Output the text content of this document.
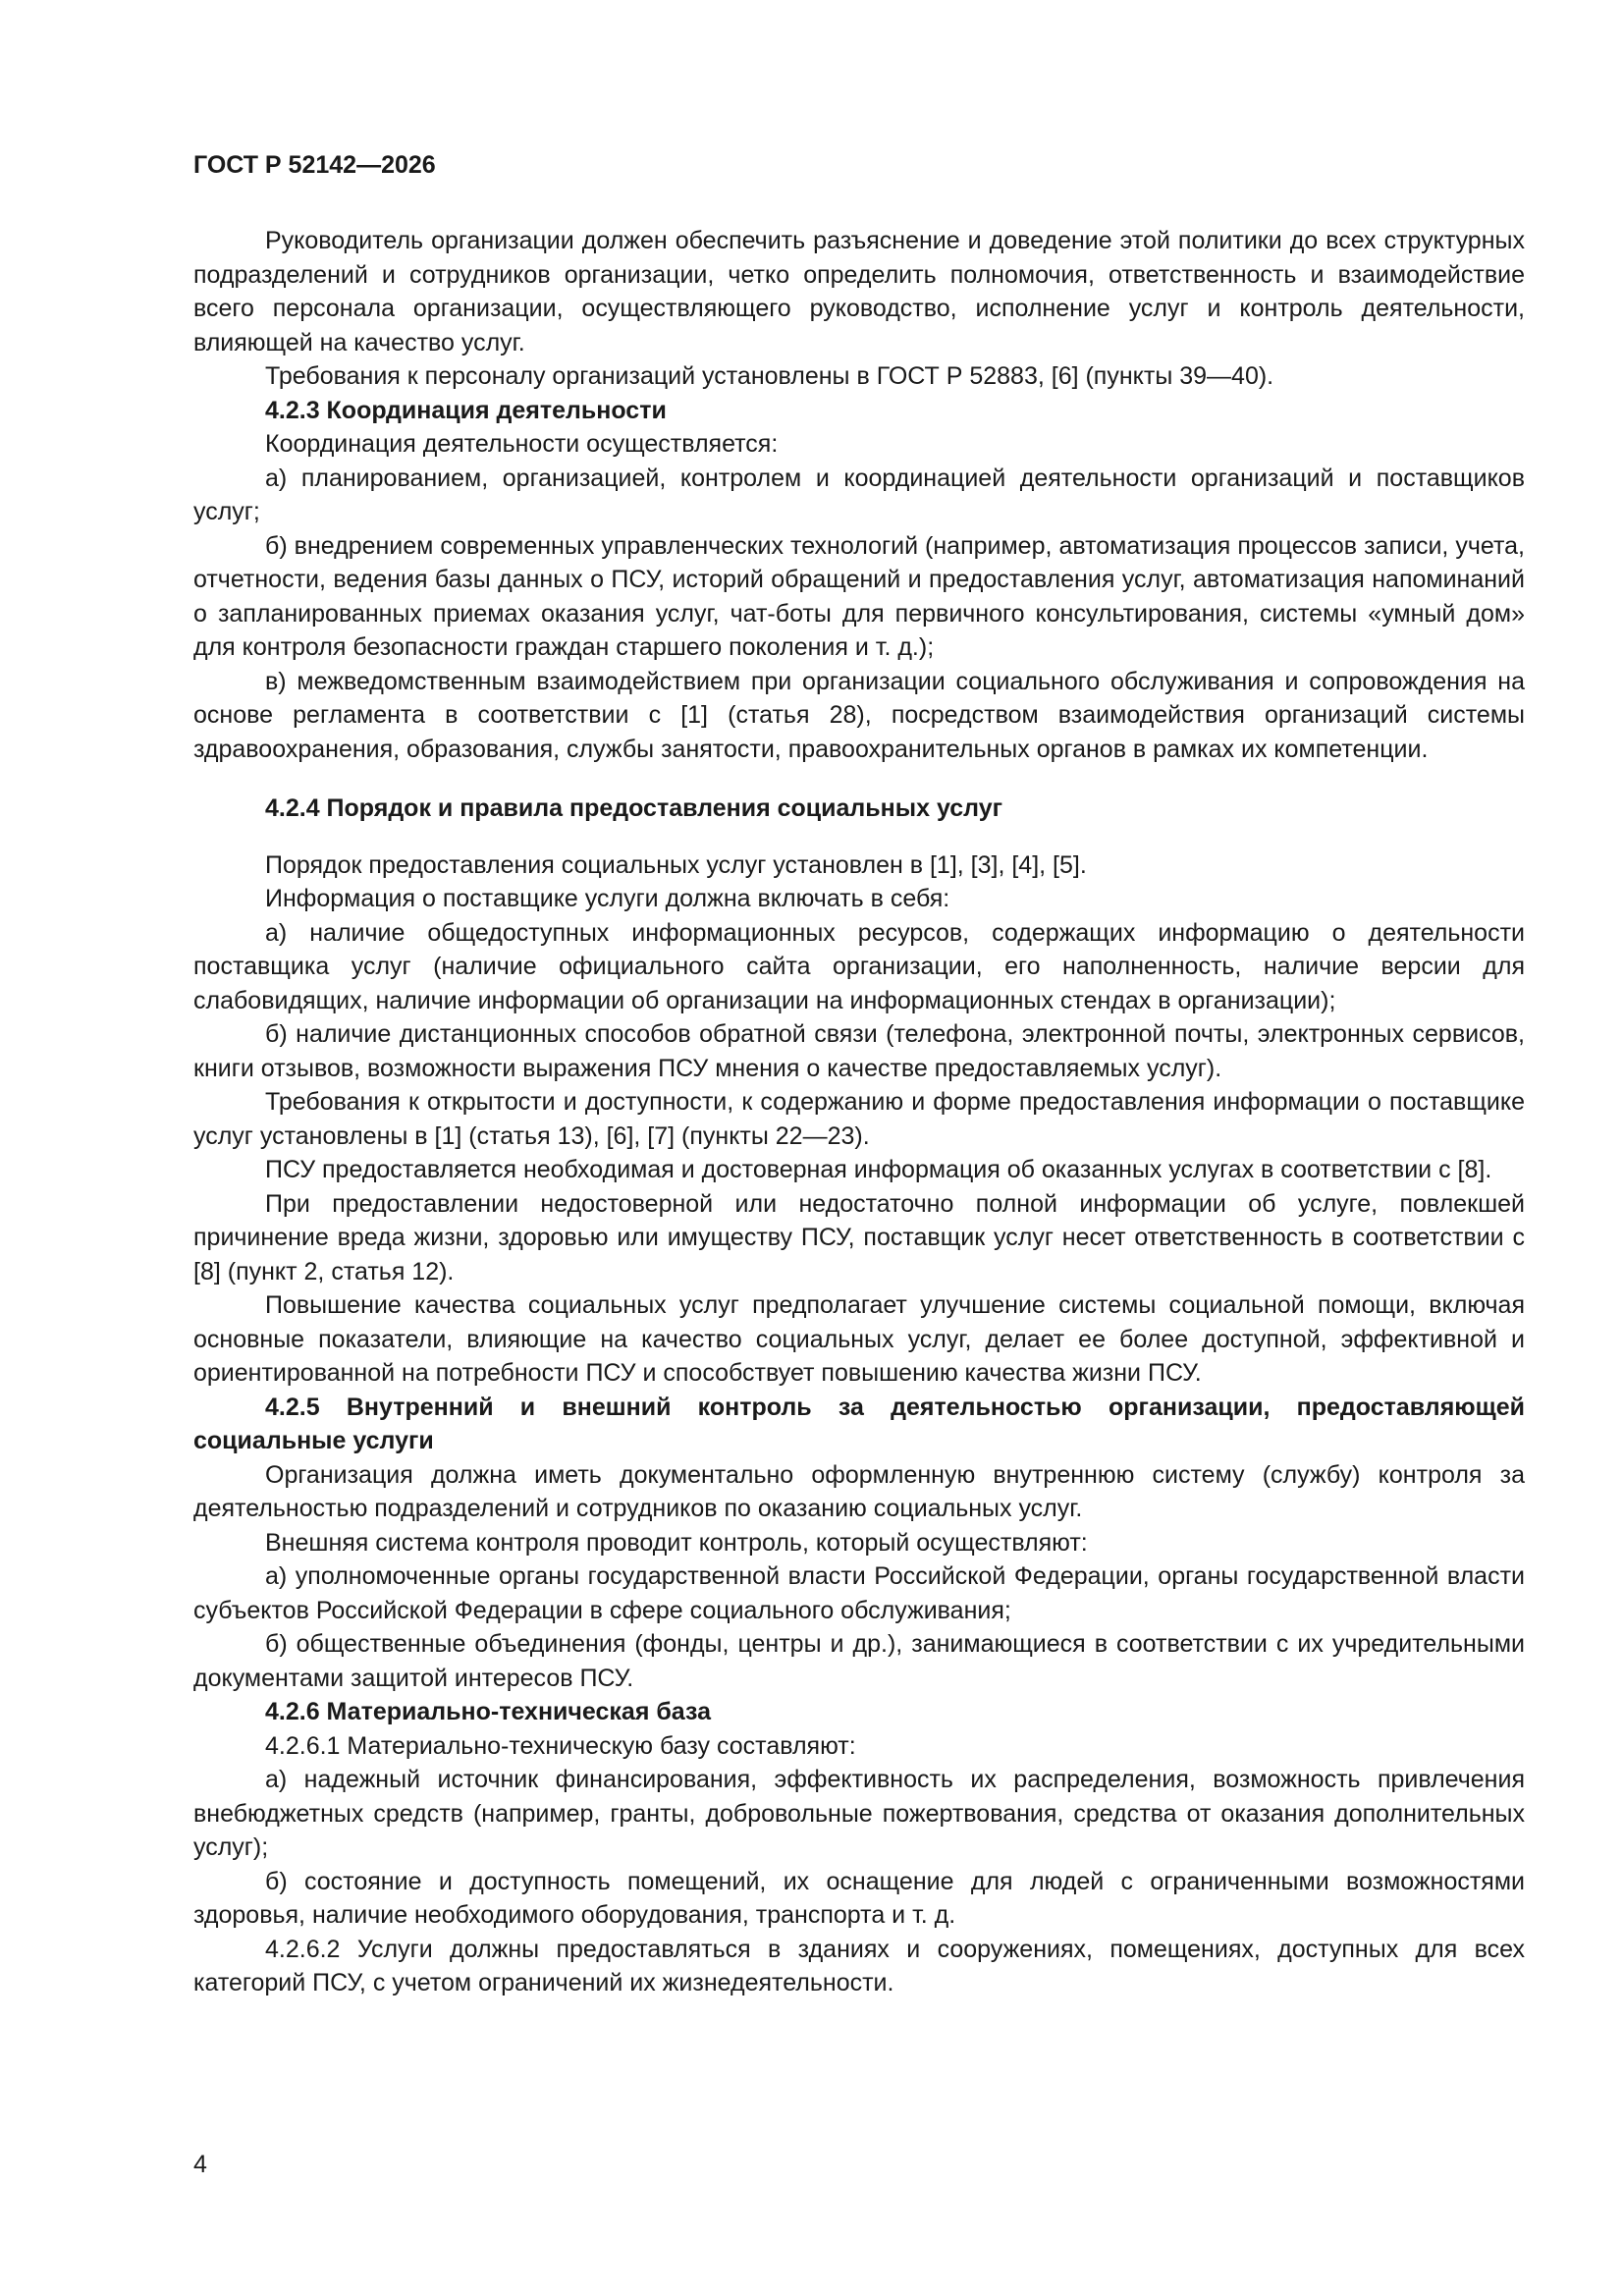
ГОСТ Р 52142—2026

Руководитель организации должен обеспечить разъяснение и доведение этой политики до всех структурных подразделений и сотрудников организации, четко определить полномочия, ответственность и взаимодействие всего персонала организации, осуществляющего руководство, исполнение услуг и контроль деятельности, влияющей на качество услуг.

Требования к персоналу организаций установлены в ГОСТ Р 52883, [6] (пункты 39—40).

4.2.3 Координация деятельности

Координация деятельности осуществляется:

а) планированием, организацией, контролем и координацией деятельности организаций и поставщиков услуг;

б) внедрением современных управленческих технологий (например, автоматизация процессов записи, учета, отчетности, ведения базы данных о ПСУ, историй обращений и предоставления услуг, автоматизация напоминаний о запланированных приемах оказания услуг, чат-боты для первичного консультирования, системы «умный дом» для контроля безопасности граждан старшего поколения и т. д.);

в) межведомственным взаимодействием при организации социального обслуживания и сопровождения на основе регламента в соответствии с [1] (статья 28), посредством взаимодействия организаций системы здравоохранения, образования, службы занятости, правоохранительных органов в рамках их компетенции.

4.2.4 Порядок и правила предоставления социальных услуг

Порядок предоставления социальных услуг установлен в [1], [3], [4], [5].

Информация о поставщике услуги должна включать в себя:

а) наличие общедоступных информационных ресурсов, содержащих информацию о деятельности поставщика услуг (наличие официального сайта организации, его наполненность, наличие версии для слабовидящих, наличие информации об организации на информационных стендах в организации);

б) наличие дистанционных способов обратной связи (телефона, электронной почты, электронных сервисов, книги отзывов, возможности выражения ПСУ мнения о качестве предоставляемых услуг).

Требования к открытости и доступности, к содержанию и форме предоставления информации о поставщике услуг установлены в [1] (статья 13), [6], [7] (пункты 22—23).

ПСУ предоставляется необходимая и достоверная информация об оказанных услугах в соответствии с [8].

При предоставлении недостоверной или недостаточно полной информации об услуге, повлекшей причинение вреда жизни, здоровью или имуществу ПСУ, поставщик услуг несет ответственность в соответствии с [8] (пункт 2, статья 12).

Повышение качества социальных услуг предполагает улучшение системы социальной помощи, включая основные показатели, влияющие на качество социальных услуг, делает ее более доступной, эффективной и ориентированной на потребности ПСУ и способствует повышению качества жизни ПСУ.

4.2.5 Внутренний и внешний контроль за деятельностью организации, предоставляющей социальные услуги

Организация должна иметь документально оформленную внутреннюю систему (службу) контроля за деятельностью подразделений и сотрудников по оказанию социальных услуг.

Внешняя система контроля проводит контроль, который осуществляют:

а) уполномоченные органы государственной власти Российской Федерации, органы государственной власти субъектов Российской Федерации в сфере социального обслуживания;

б) общественные объединения (фонды, центры и др.), занимающиеся в соответствии с их учредительными документами защитой интересов ПСУ.

4.2.6 Материально-техническая база

4.2.6.1 Материально-техническую базу составляют:

а) надежный источник финансирования, эффективность их распределения, возможность привлечения внебюджетных средств (например, гранты, добровольные пожертвования, средства от оказания дополнительных услуг);

б) состояние и доступность помещений, их оснащение для людей с ограниченными возможностями здоровья, наличие необходимого оборудования, транспорта и т. д.

4.2.6.2 Услуги должны предоставляться в зданиях и сооружениях, помещениях, доступных для всех категорий ПСУ, с учетом ограничений их жизнедеятельности.

4
